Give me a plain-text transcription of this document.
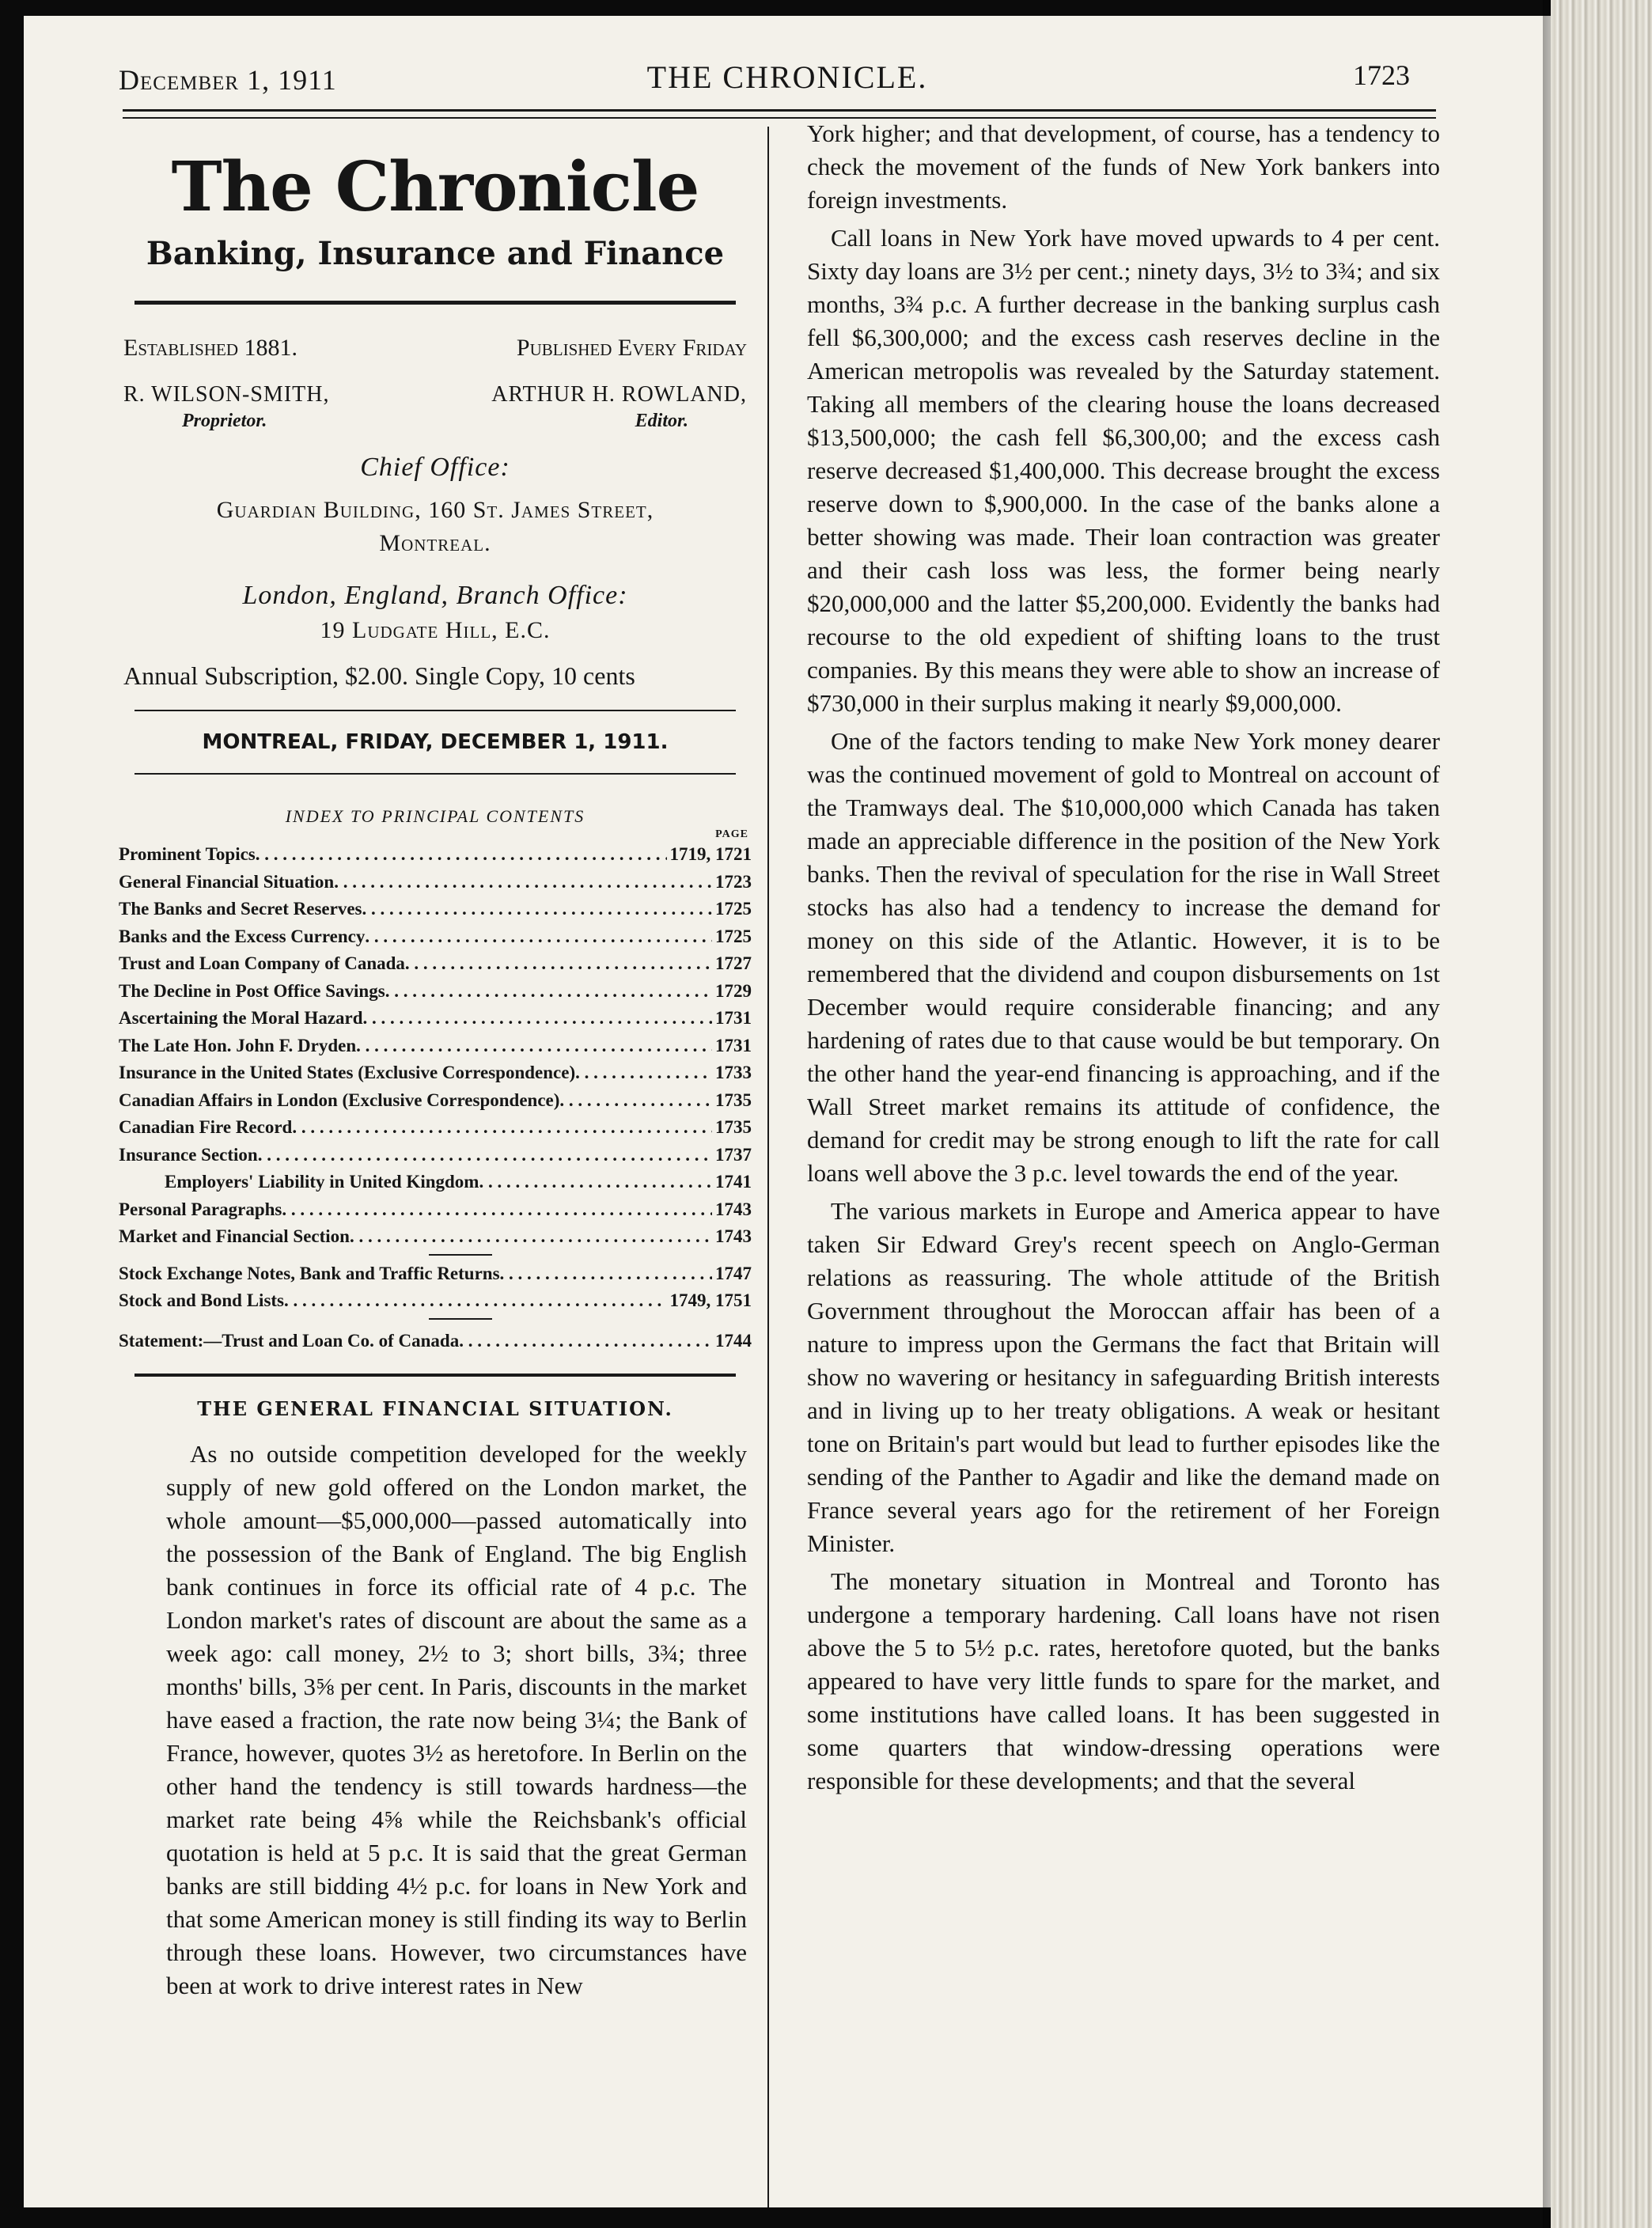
December 1, 1911	THE CHRONICLE.	1723
The Chronicle
Banking, Insurance and Finance
Established 1881.	Published Every Friday
R. WILSON-SMITH,	ARTHUR H. ROWLAND,
Proprietor.	Editor.
Chief Office:
Guardian Building, 160 St. James Street,
Montreal.
London, England, Branch Office:
19 Ludgate Hill, E.C.
Annual Subscription, $2.00. Single Copy, 10 cents
MONTREAL, FRIDAY, DECEMBER 1, 1911.
INDEX TO PRINCIPAL CONTENTS
PAGE
Prominent Topics . . .	1719, 1721
General Financial Situation . . .	1723
The Banks and Secret Reserves . . .	1725
Banks and the Excess Currency . . .	1725
Trust and Loan Company of Canada . . .	1727
The Decline in Post Office Savings . . .	1729
Ascertaining the Moral Hazard . . .	1731
The Late Hon. John F. Dryden . . .	1731
Insurance in the United States (Exclusive Correspondence) . . .	1733
Canadian Affairs in London (Exclusive Correspondence) . . .	1735
Canadian Fire Record . . .	1735
Insurance Section . . .	1737
Employers' Liability in United Kingdom . . .	1741
Personal Paragraphs . . .	1743
Market and Financial Section . . .	1743
Stock Exchange Notes, Bank and Traffic Returns . . .	1747
Stock and Bond Lists . . .	1749, 1751
Statement:—Trust and Loan Co. of Canada . . .	1744
THE GENERAL FINANCIAL SITUATION.

As no outside competition developed for the weekly supply of new gold offered on the London market, the whole amount—$5,000,000—passed automatically into the possession of the Bank of England. The big English bank continues in force its official rate of 4 p.c. The London market's rates of discount are about the same as a week ago: call money, 2½ to 3; short bills, 3¾; three months' bills, 3⅝ per cent. In Paris, discounts in the market have eased a fraction, the rate now being 3¼; the Bank of France, however, quotes 3½ as heretofore. In Berlin on the other hand the tendency is still towards hardness—the market rate being 4⅝ while the Reichsbank's official quotation is held at 5 p.c. It is said that the great German banks are still bidding 4½ p.c. for loans in New York and that some American money is still finding its way to Berlin through these loans. However, two circumstances have been at work to drive interest rates in New

York higher; and that development, of course, has a tendency to check the movement of the funds of New York bankers into foreign investments.

Call loans in New York have moved upwards to 4 per cent. Sixty day loans are 3½ per cent.; ninety days, 3½ to 3¾; and six months, 3¾ p.c. A further decrease in the banking surplus cash fell $6,300,000; and the excess cash reserves decline in the American metropolis was revealed by the Saturday statement. Taking all members of the clearing house the loans decreased $13,500,000; the cash fell $6,300,00; and the excess cash reserve decreased $1,400,000. This decrease brought the excess reserve down to $,900,000. In the case of the banks alone a better showing was made. Their loan contraction was greater and their cash loss was less, the former being nearly $20,000,000 and the latter $5,200,000. Evidently the banks had recourse to the old expedient of shifting loans to the trust companies. By this means they were able to show an increase of $730,000 in their surplus making it nearly $9,000,000.

One of the factors tending to make New York money dearer was the continued movement of gold to Montreal on account of the Tramways deal. The $10,000,000 which Canada has taken made an appreciable difference in the position of the New York banks. Then the revival of speculation for the rise in Wall Street stocks has also had a tendency to increase the demand for money on this side of the Atlantic. However, it is to be remembered that the dividend and coupon disbursements on 1st December would require considerable financing; and any hardening of rates due to that cause would be but temporary. On the other hand the year-end financing is approaching, and if the Wall Street market remains its attitude of confidence, the demand for credit may be strong enough to lift the rate for call loans well above the 3 p.c. level towards the end of the year.

The various markets in Europe and America appear to have taken Sir Edward Grey's recent speech on Anglo-German relations as reassuring. The whole attitude of the British Government throughout the Moroccan affair has been of a nature to impress upon the Germans the fact that Britain will show no wavering or hesitancy in safeguarding British interests and in living up to her treaty obligations. A weak or hesitant tone on Britain's part would but lead to further episodes like the sending of the Panther to Agadir and like the demand made on France several years ago for the retirement of her Foreign Minister.

The monetary situation in Montreal and Toronto has undergone a temporary hardening. Call loans have not risen above the 5 to 5½ p.c. rates, heretofore quoted, but the banks appeared to have very little funds to spare for the market, and some institutions have called loans. It has been suggested in some quarters that window-dressing operations were responsible for these developments; and that the several
